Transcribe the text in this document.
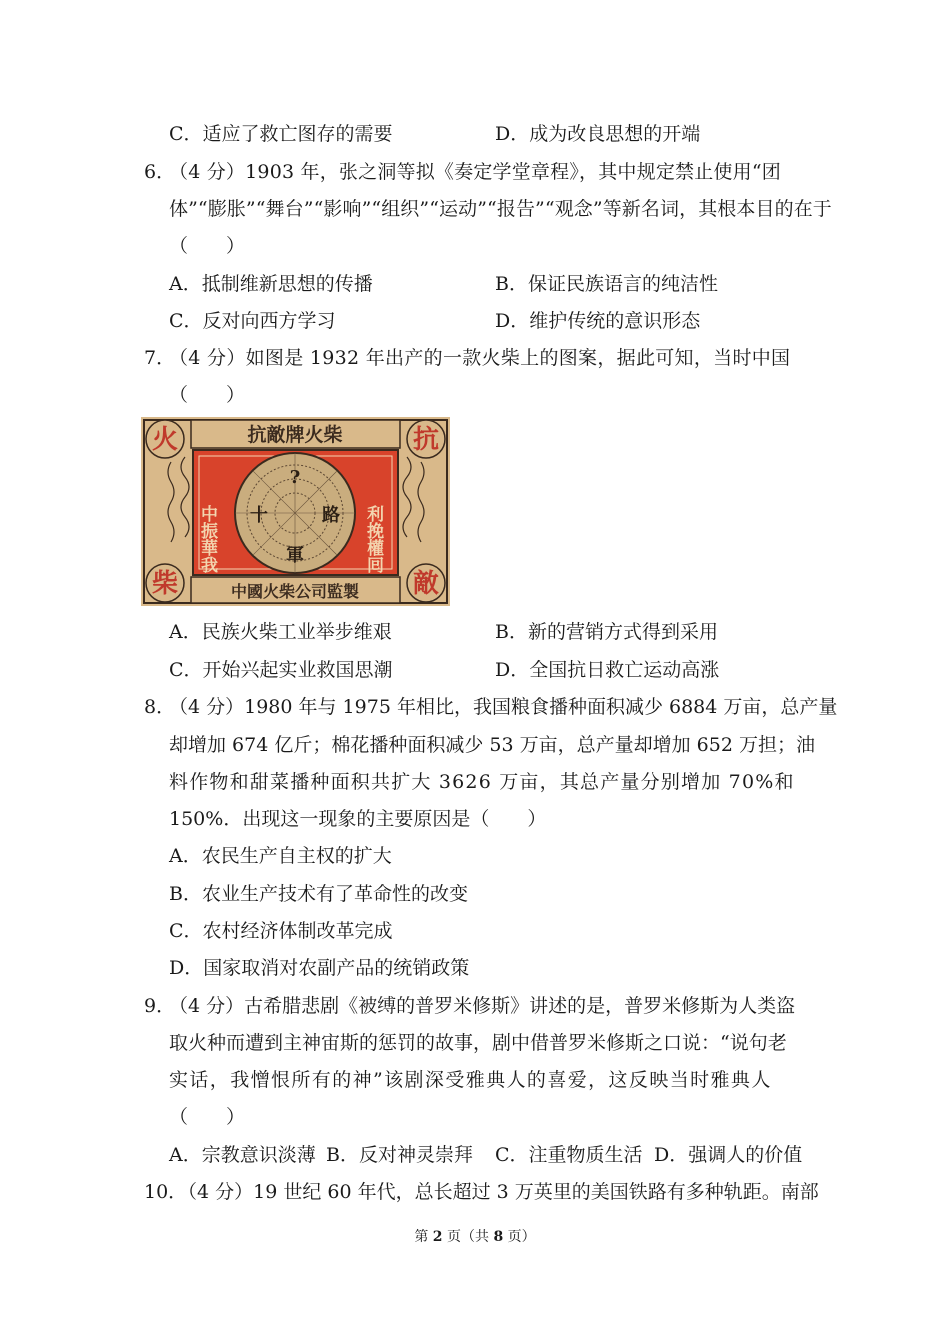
C．适应了救亡图存的需要	D．成为改良思想的开端
6．
（4 分）1903 年，张之洞等拟《奏定学堂章程》，其中规定禁止使用“团
体”“膨胀”“舞台”“影响”“组织”“运动”“报告”“观念”等新名词，其根本目的在于
（　　）
A．抵制维新思想的传播	B．保证民族语言的纯洁性
C．反对向西方学习	D．维护传统的意识形态
7．
（4 分）如图是 1932 年出产的一款火柴上的图案，据此可知，当时中国
（　　）
抗敵牌火柴
中國火柴公司監製
?
十	路
軍
中振華我	利挽權囘
火	抗
柴	敵
A．民族火柴工业举步维艰	B．新的营销方式得到采用
C．开始兴起实业救国思潮	D．全国抗日救亡运动高涨
8．
（4 分）1980 年与 1975 年相比，我国粮食播种面积减少 6884 万亩，总产量
却增加 674 亿斤；棉花播种面积减少 53 万亩，总产量却增加 652 万担；油
料作物和甜菜播种面积共扩大 3626 万亩，其总产量分别增加 70%和
150%．出现这一现象的主要原因是（　　）
A．农民生产自主权的扩大
B．农业生产技术有了革命性的改变
C．农村经济体制改革完成
D．国家取消对农副产品的统销政策
9．
（4 分）古希腊悲剧《被缚的普罗米修斯》讲述的是，普罗米修斯为人类盗
取火种而遭到主神宙斯的惩罚的故事，剧中借普罗米修斯之口说：“说句老
实话，我憎恨所有的神”该剧深受雅典人的喜爱，这反映当时雅典人
（　　）
A．宗教意识淡薄 B．反对神灵崇拜 C．注重物质生活 D．强调人的价值
10．
（4 分）19 世纪 60 年代，总长超过 3 万英里的美国铁路有多种轨距。南部
第 2 页（共 8 页）
